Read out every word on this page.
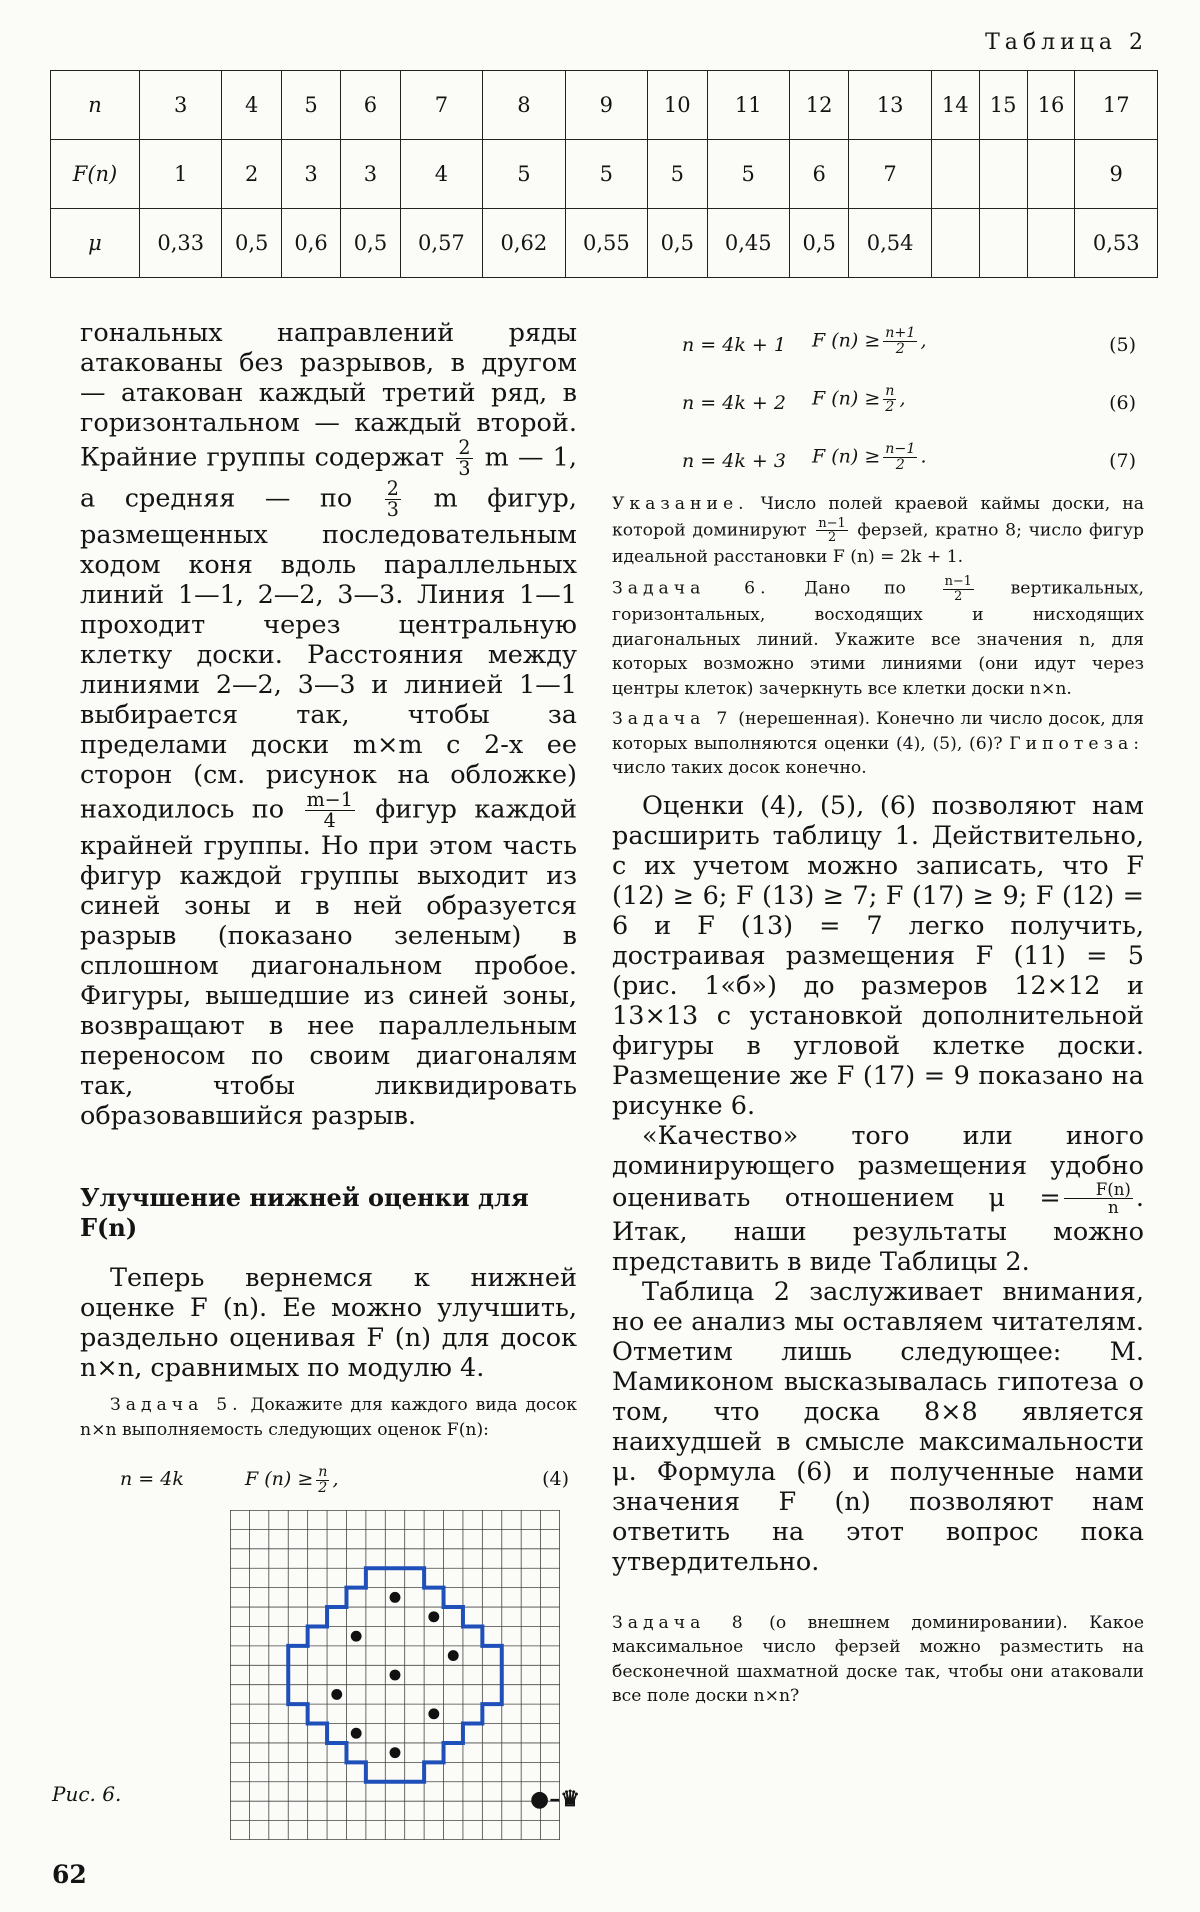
Таблица 2
n	3	4	5	6	7	8	9	10	11	12	13	14	15	16	17
F(n)	1	2	3	3	4	5	5	5	5	6	7				9
μ	0,33	0,5	0,6	0,5	0,57	0,62	0,55	0,5	0,45	0,5	0,54				0,53

гональных направлений ряды атакованы без разрывов, в другом — атакован каждый третий ряд, в горизонтальном — каждый второй. Крайние группы содержат $\frac{2}{3}$ m — 1, а средняя — по $\frac{2}{3}$ m фигур, размещенных последовательным ходом коня вдоль параллельных линий 1—1, 2—2, 3—3. Линия 1—1 проходит через центральную клетку доски. Расстояния между линиями 2—2, 3—3 и линией 1—1 выбирается так, чтобы за пределами доски m×m с 2-х ее сторон (см. рисунок на обложке) находилось по $\frac{m-1}{4}$ фигур каждой крайней группы. Но при этом часть фигур каждой группы выходит из синей зоны и в ней образуется разрыв (показано зеленым) в сплошном диагональном пробое. Фигуры, вышедшие из синей зоны, возвращают в нее параллельным переносом по своим диагоналям так, чтобы ликвидировать образовавшийся разрыв.

Улучшение нижней оценки для F(n)

Теперь вернемся к нижней оценке F (n). Ее можно улучшить, раздельно оценивая F (n) для досок n×n, сравнимых по модулю 4.

Задача 5. Докажите для каждого вида досок n×n выполняемость следующих оценок F(n):

n = 4k	F $(n) \ge \frac{n}{2}$ ,	(4)
Рис. 6.	●–♛
62
n = 4k + 1 F $(n) \ge \frac{n+1}{2}$ ,	(5)
n = 4k + 2 F $(n) \ge \frac{n}{2}$ ,	(6)
n = 4k + 3 F $(n) \ge \frac{n-1}{2}$ .	(7)

Указание. Число полей краевой каймы доски, на которой доминируют $\frac{n-1}{2}$ ферзей, кратно 8; число фигур идеальной расстановки F (n) = 2k + 1.

Задача 6. Дано по	$\frac{n-1}{2}$ вертикальных, горизонтальных, восходящих и нисходящих диагональных линий. Укажите все значения n, для которых возможно этими линиями (они идут через центры клеток) зачеркнуть все клетки доски n×n.

Задача 7 (нерешенная). Конечно ли число досок, для которых выполняются оценки (4), (5), (6)? Гипотеза: число таких досок конечно.

Оценки (4), (5), (6) позволяют нам расширить таблицу 1. Действительно, с их учетом можно записать, что F (12) ≥ 6; F (13) ≥ 7; F (17) ≥ 9; F (12) = 6 и F (13) = 7 легко получить, достраивая размещения F (11) = 5 (рис. 1«б») до размеров 12×12 и 13×13 с установкой дополнительной фигуры в угловой клетке доски. Размещение же F (17) = 9 показано на рисунке 6.

«Качество» того или иного доминирующего размещения удобно оценивать отношением $\mu = \frac{F(n)}{n}$ . Итак, наши результаты можно представить в виде Таблицы 2.

Таблица 2 заслуживает внимания, но ее анализ мы оставляем читателям. Отметим лишь следующее: М. Мамиконом высказывалась гипотеза о том, что доска 8×8 является наихудшей в смысле максимальности μ. Формула (6) и полученные нами значения F (n) позволяют нам ответить на этот вопрос пока утвердительно.

Задача 8 (о внешнем доминировании). Какое максимальное число ферзей можно разместить на бесконечной шахматной доске так, чтобы они атаковали все поле доски n×n?
